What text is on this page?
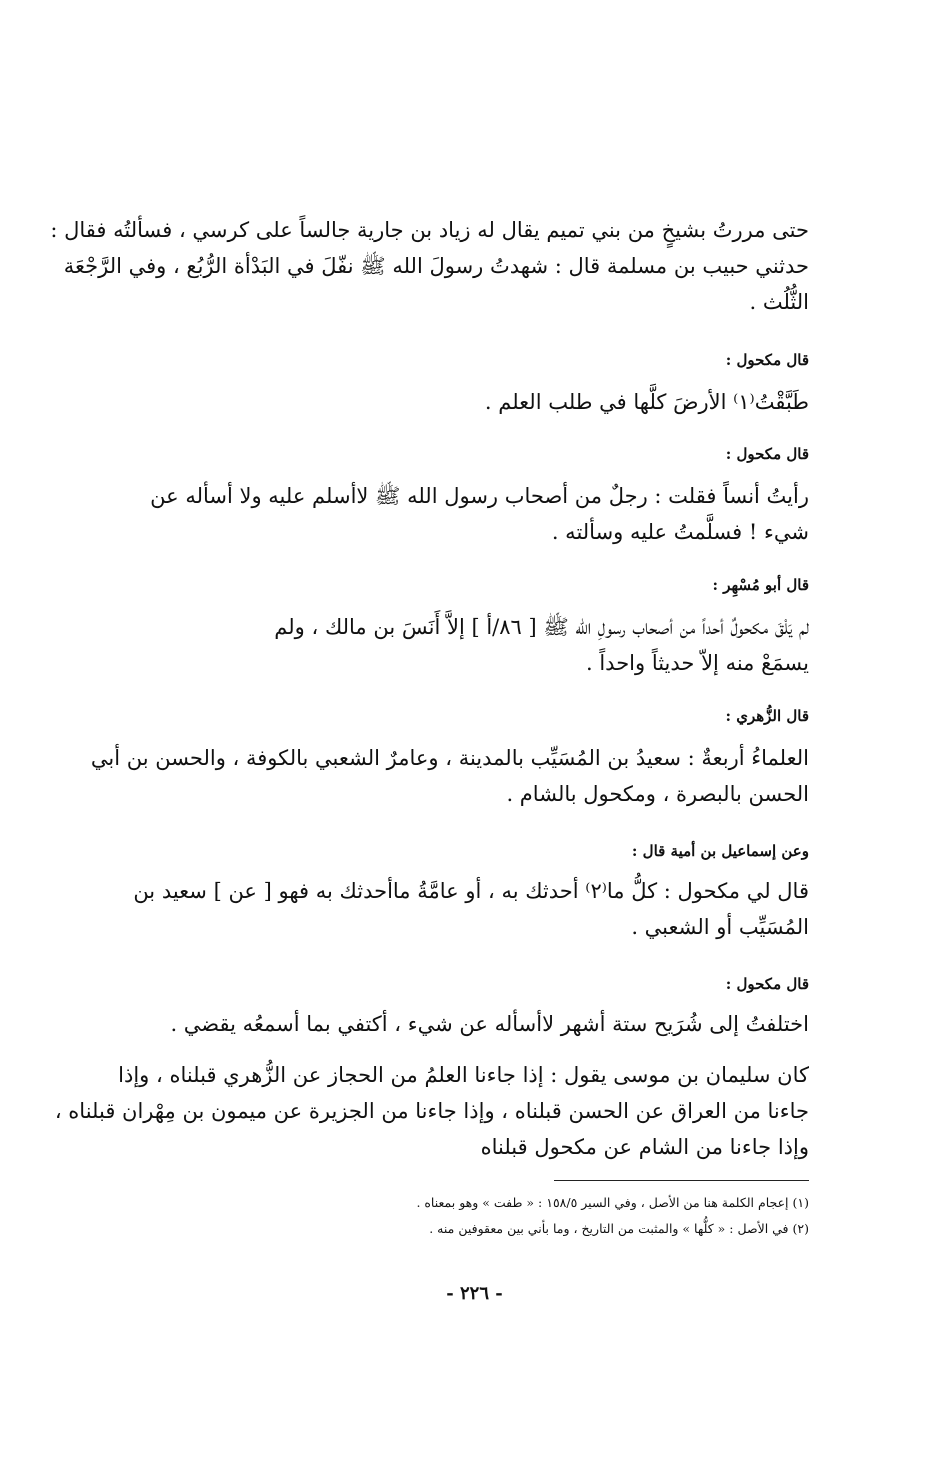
حتى مررتُ بشيخٍ من بني تميم يقال له زياد بن جارية جالساً على كرسي ، فسألتُه فقال :
حدثني حبيب بن مسلمة قال : شهدتُ رسولَ الله ﷺ نفّلَ في البَدْأة الرُّبُع ، وفي الرَّجْعَة
الثُّلُث .
قال مكحول :
طَبَّقْتُ⁽١⁾ الأرضَ كلَّها في طلب العلم .
قال مكحول :
رأيتُ أنساً فقلت : رجلٌ من أصحاب رسول الله ﷺ لاأسلم عليه ولا أسأله عن
شيء ! فسلَّمتُ عليه وسألته .
قال أبو مُسْهِر :
لم يَلْقَ مكحولٌ أحداً من أصحاب رسولِ الله ﷺ [ ٨٦/أ ] إلاَّ أَنَسَ بن مالك ، ولم
يسمَعْ منه إلاّ حديثاً واحداً .
قال الزُّهري :
العلماءُ أربعةٌ : سعيدُ بن المُسَيِّب بالمدينة ، وعامرٌ الشعبي بالكوفة ، والحسن بن أبي
الحسن بالبصرة ، ومكحول بالشام .
وعن إسماعيل بن أمية قال :
قال لي مكحول : كلُّ ما⁽٢⁾ أحدثك به ، أو عامَّةُ ماأحدثك به فهو [ عن ] سعيد بن
المُسَيِّب أو الشعبي .
قال مكحول :
اختلفتُ إلى شُرَيح ستة أشهر لاأسأله عن شيء ، أكتفي بما أسمعُه يقضي .
كان سليمان بن موسى يقول : إذا جاءنا العلمُ من الحجاز عن الزُّهري قبلناه ، وإذا
جاءنا من العراق عن الحسن قبلناه ، وإذا جاءنا من الجزيرة عن ميمون بن مِهْران قبلناه ،
وإذا جاءنا من الشام عن مكحول قبلناه
(١) إعجام الكلمة هنا من الأصل ، وفي السير ١٥٨/٥ : « طفت » وهو بمعناه .
(٢) في الأصل : « كلُّها » والمثبت من التاريخ ، وما بأني بين معقوفين منه .
- ٢٢٦ -
